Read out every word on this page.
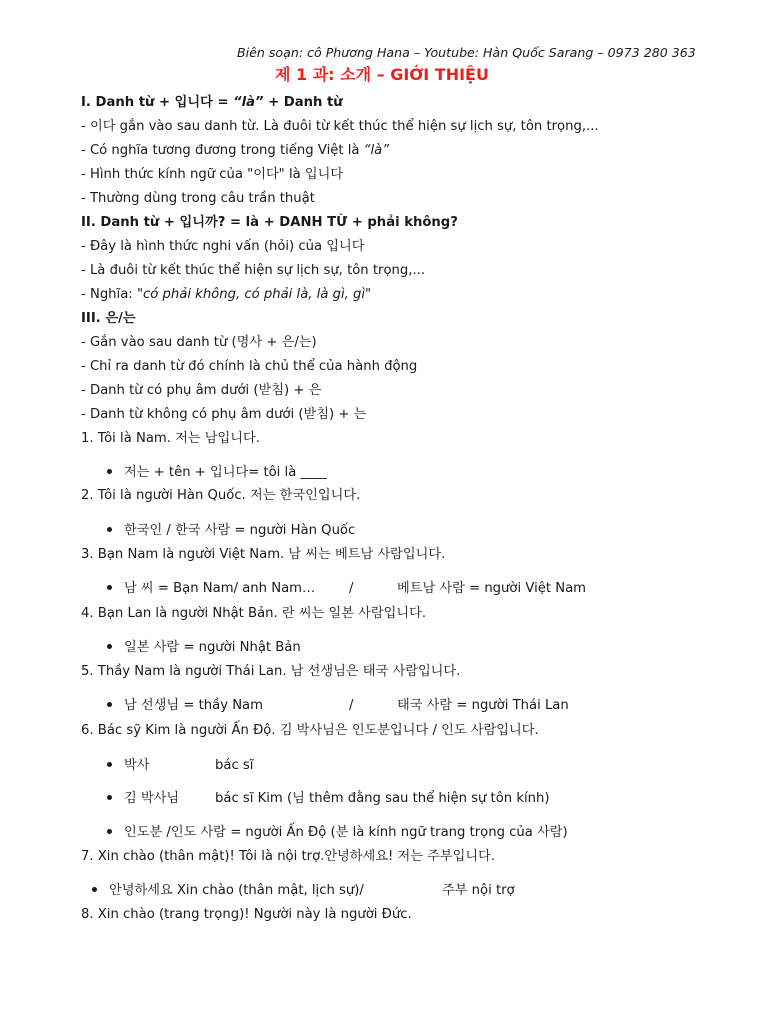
Biên soạn: cô Phương Hana – Youtube: Hàn Quốc Sarang – 0973 280 363
제 1 과: 소개 – GIỚI THIỆU
I. Danh từ + 입니다 = “là” + Danh từ
- 이다 gắn vào sau danh từ. Là đuôi từ kết thúc thể hiện sự lịch sự, tôn trọng,...
- Có nghĩa tương đương trong tiếng Việt là “là”
- Hình thức kính ngữ của "이다" là 입니다
- Thường dùng trong câu trần thuật
II. Danh từ + 입니까? = là + DANH TỪ + phải không?
- Đây là hình thức nghi vấn (hỏi) của 입니다
- Là đuôi từ kết thúc thể hiện sự lịch sự, tôn trọng,...
- Nghĩa: "có phải không, có phải là, là gì, gì"
III. 은/는
- Gắn vào sau danh từ (명사 + 은/는)
- Chỉ ra danh từ đó chính là chủ thể của hành động
- Danh từ có phụ âm dưới (받침) + 은
- Danh từ không có phụ âm dưới (받침) + 는
1. Tôi là Nam. 저는 남입니다.
저는 + tên + 입니다= tôi là ____
2. Tôi là người Hàn Quốc. 저는 한국인입니다.
한국인 / 한국 사람 = người Hàn Quốc
3. Bạn Nam là người Việt Nam. 남 씨는 베트남 사람입니다.
남 씨 = Bạn Nam/ anh Nam…	/	베트남 사람 = người Việt Nam
4. Bạn Lan là người Nhật Bản. 란 씨는 일본 사람입니다.
일본 사람 = người Nhật Bản
5. Thầy Nam là người Thái Lan. 남 선생님은 태국 사람입니다.
남 선생님 = thầy Nam	/	태국 사람 = người Thái Lan
6. Bác sỹ Kim là người Ấn Độ. 김 박사님은 인도분입니다 / 인도 사람입니다.
박사	bác sĩ
김 박사님	bác sĩ Kim (님 thêm đằng sau thể hiện sự tôn kính)
인도분 /인도 사람 = người Ấn Độ (분 là kính ngữ trang trọng của 사람)
7. Xin chào (thân mật)! Tôi là nội trợ.안녕하세요! 저는 주부입니다.
안녕하세요 Xin chào (thân mật, lịch sự)/	주부 nội trợ
8. Xin chào (trang trọng)! Người này là người Đức.
